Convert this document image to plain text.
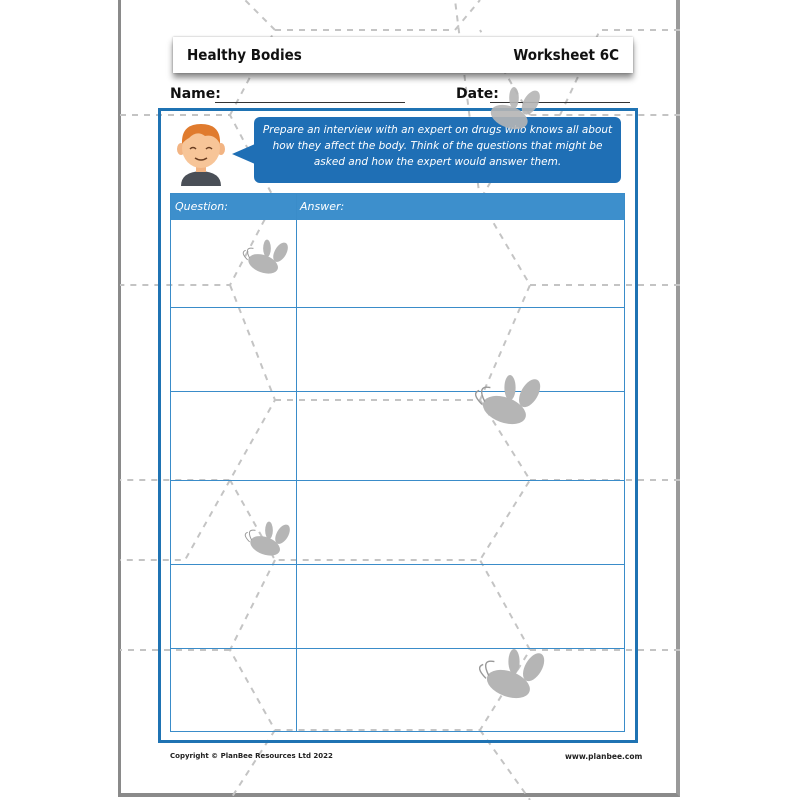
Healthy Bodies	Worksheet 6C
Name:	Date:
Prepare an interview with an expert on drugs who knows all about how they affect the body. Think of the questions that might be asked and how the expert would answer them.
Question:	Answer:
Copyright © PlanBee Resources Ltd 2022	www.planbee.com
